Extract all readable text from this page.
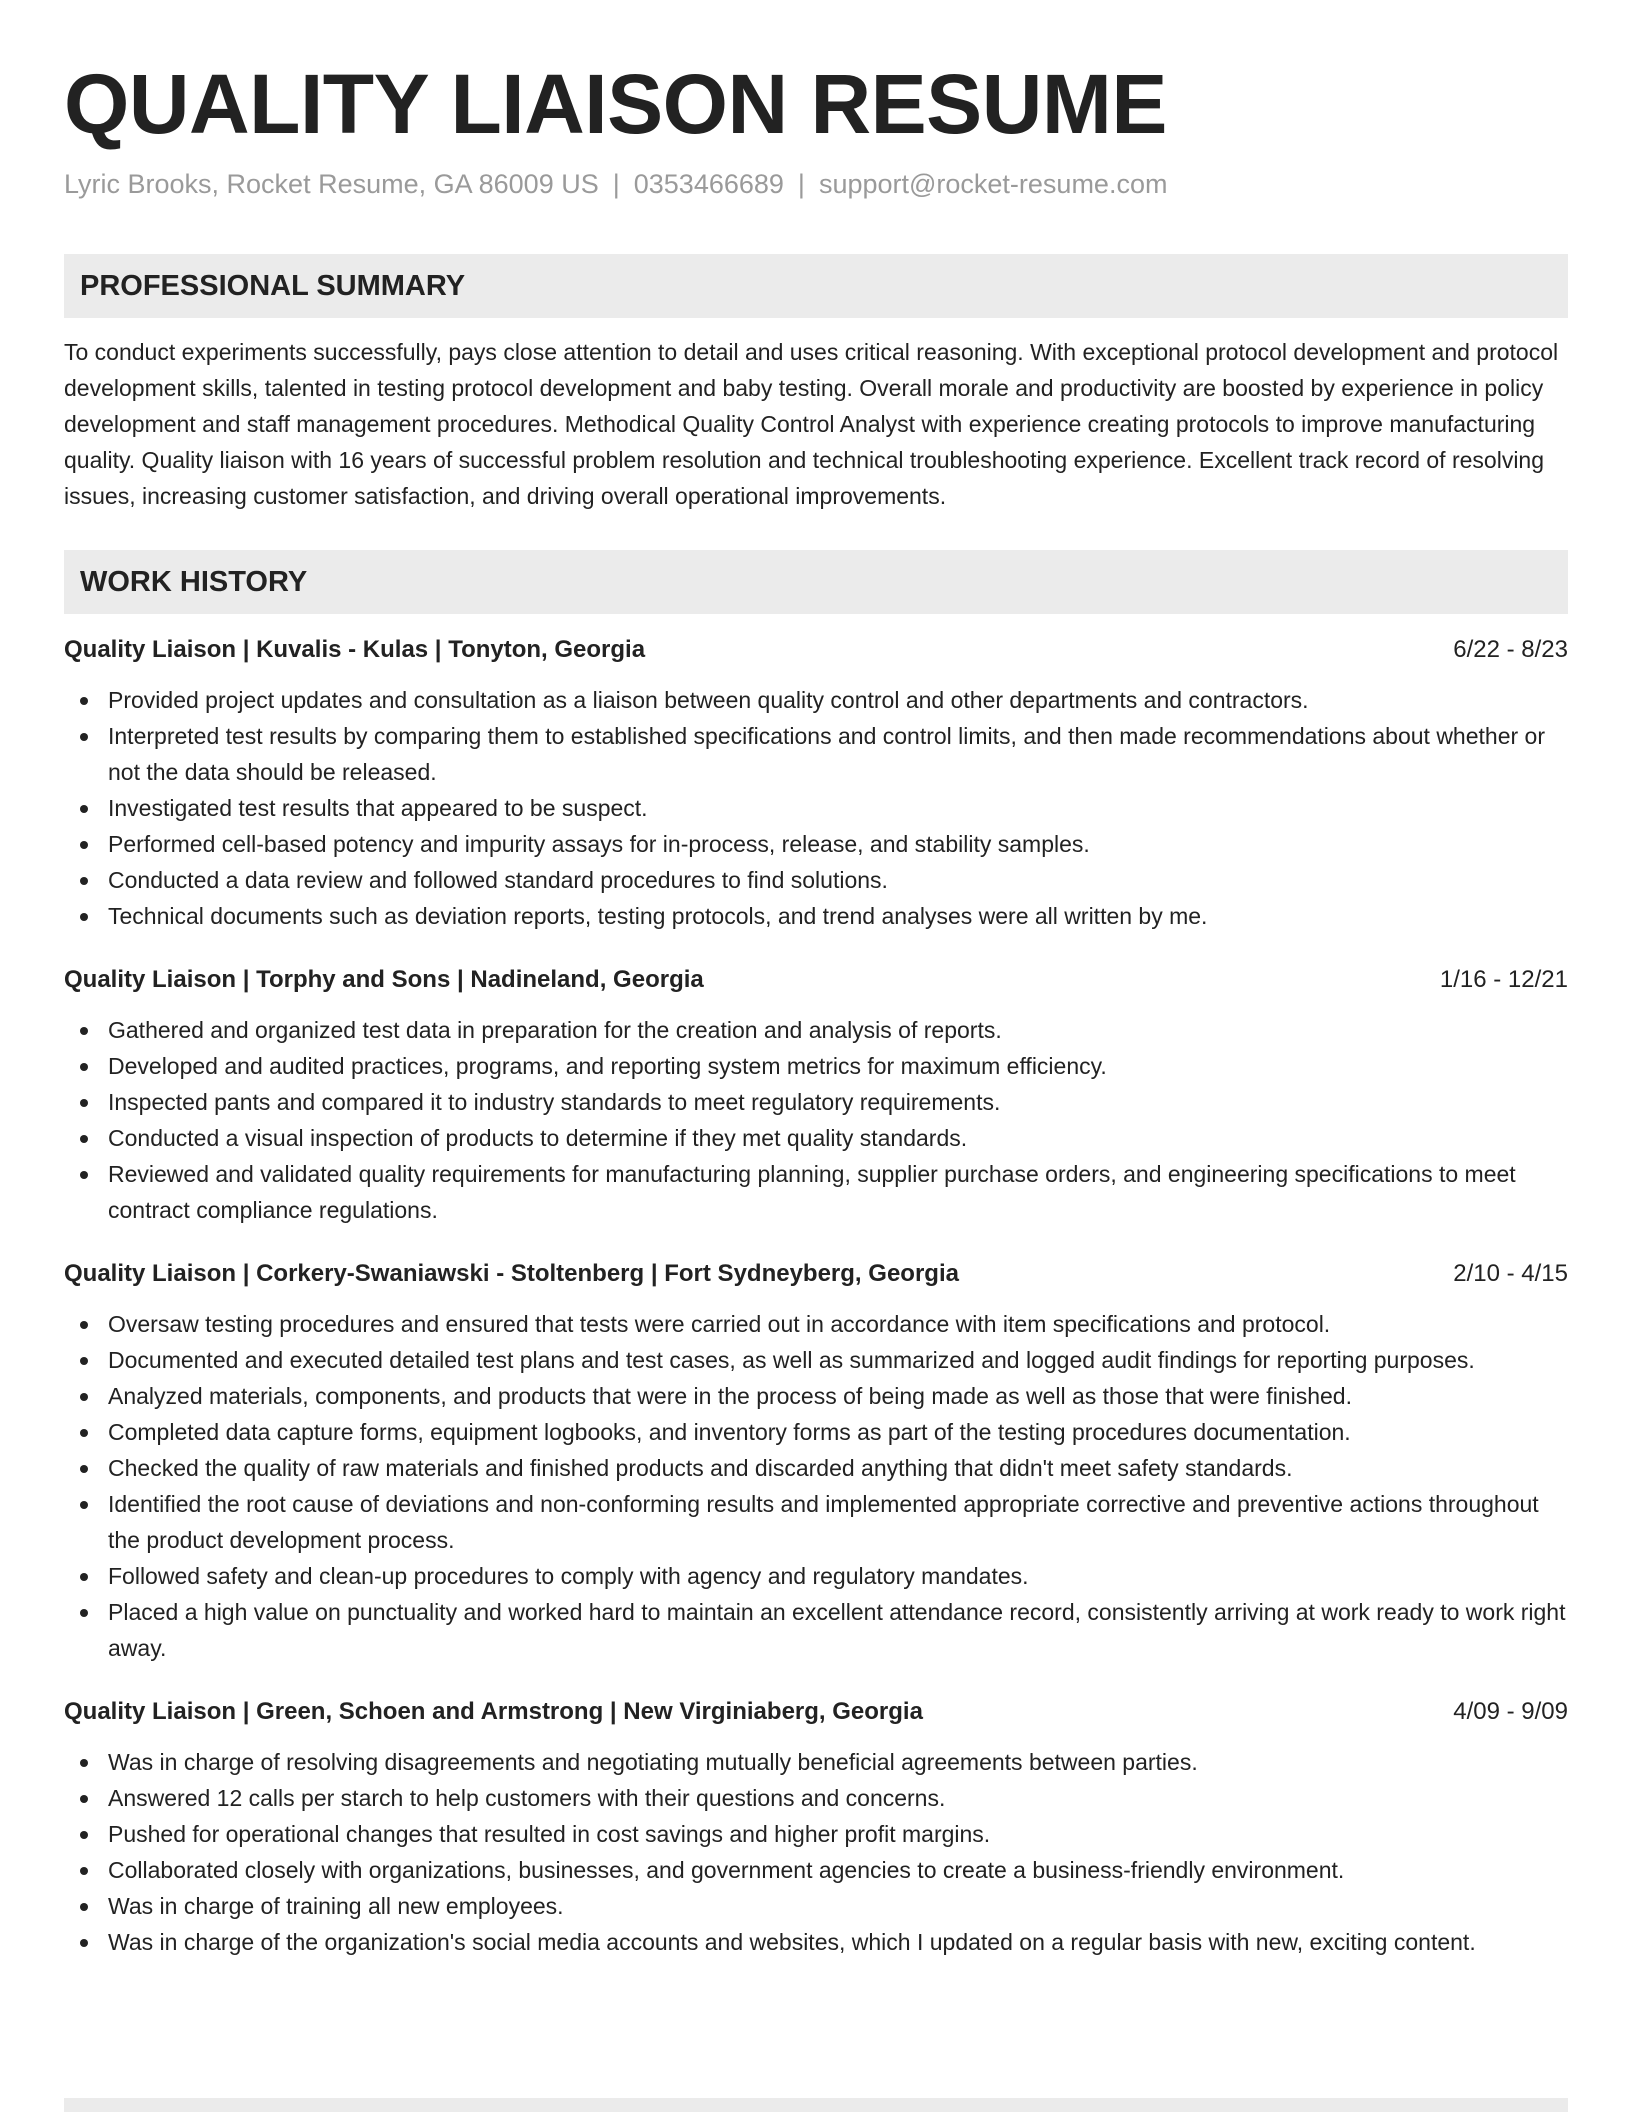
QUALITY LIAISON RESUME
Lyric Brooks, Rocket Resume, GA 86009 US | 0353466689 | support@rocket-resume.com
PROFESSIONAL SUMMARY

To conduct experiments successfully, pays close attention to detail and uses critical reasoning. With exceptional protocol development and protocol development skills, talented in testing protocol development and baby testing. Overall morale and productivity are boosted by experience in policy development and staff management procedures. Methodical Quality Control Analyst with experience creating protocols to improve manufacturing quality. Quality liaison with 16 years of successful problem resolution and technical troubleshooting experience. Excellent track record of resolving issues, increasing customer satisfaction, and driving overall operational improvements.

WORK HISTORY
Quality Liaison | Kuvalis - Kulas | Tonyton, Georgia	6/22 - 8/23
Provided project updates and consultation as a liaison between quality control and other departments and contractors.
Interpreted test results by comparing them to established specifications and control limits, and then made recommendations about whether or not the data should be released.
Investigated test results that appeared to be suspect.
Performed cell-based potency and impurity assays for in-process, release, and stability samples.
Conducted a data review and followed standard procedures to find solutions.
Technical documents such as deviation reports, testing protocols, and trend analyses were all written by me.
Quality Liaison | Torphy and Sons | Nadineland, Georgia	1/16 - 12/21
Gathered and organized test data in preparation for the creation and analysis of reports.
Developed and audited practices, programs, and reporting system metrics for maximum efficiency.
Inspected pants and compared it to industry standards to meet regulatory requirements.
Conducted a visual inspection of products to determine if they met quality standards.
Reviewed and validated quality requirements for manufacturing planning, supplier purchase orders, and engineering specifications to meet contract compliance regulations.
Quality Liaison | Corkery-Swaniawski - Stoltenberg | Fort Sydneyberg, Georgia	2/10 - 4/15
Oversaw testing procedures and ensured that tests were carried out in accordance with item specifications and protocol.
Documented and executed detailed test plans and test cases, as well as summarized and logged audit findings for reporting purposes.
Analyzed materials, components, and products that were in the process of being made as well as those that were finished.
Completed data capture forms, equipment logbooks, and inventory forms as part of the testing procedures documentation.
Checked the quality of raw materials and finished products and discarded anything that didn't meet safety standards.
Identified the root cause of deviations and non-conforming results and implemented appropriate corrective and preventive actions throughout the product development process.
Followed safety and clean-up procedures to comply with agency and regulatory mandates.
Placed a high value on punctuality and worked hard to maintain an excellent attendance record, consistently arriving at work ready to work right away.
Quality Liaison | Green, Schoen and Armstrong | New Virginiaberg, Georgia	4/09 - 9/09
Was in charge of resolving disagreements and negotiating mutually beneficial agreements between parties.
Answered 12 calls per starch to help customers with their questions and concerns.
Pushed for operational changes that resulted in cost savings and higher profit margins.
Collaborated closely with organizations, businesses, and government agencies to create a business-friendly environment.
Was in charge of training all new employees.
Was in charge of the organization's social media accounts and websites, which I updated on a regular basis with new, exciting content.
